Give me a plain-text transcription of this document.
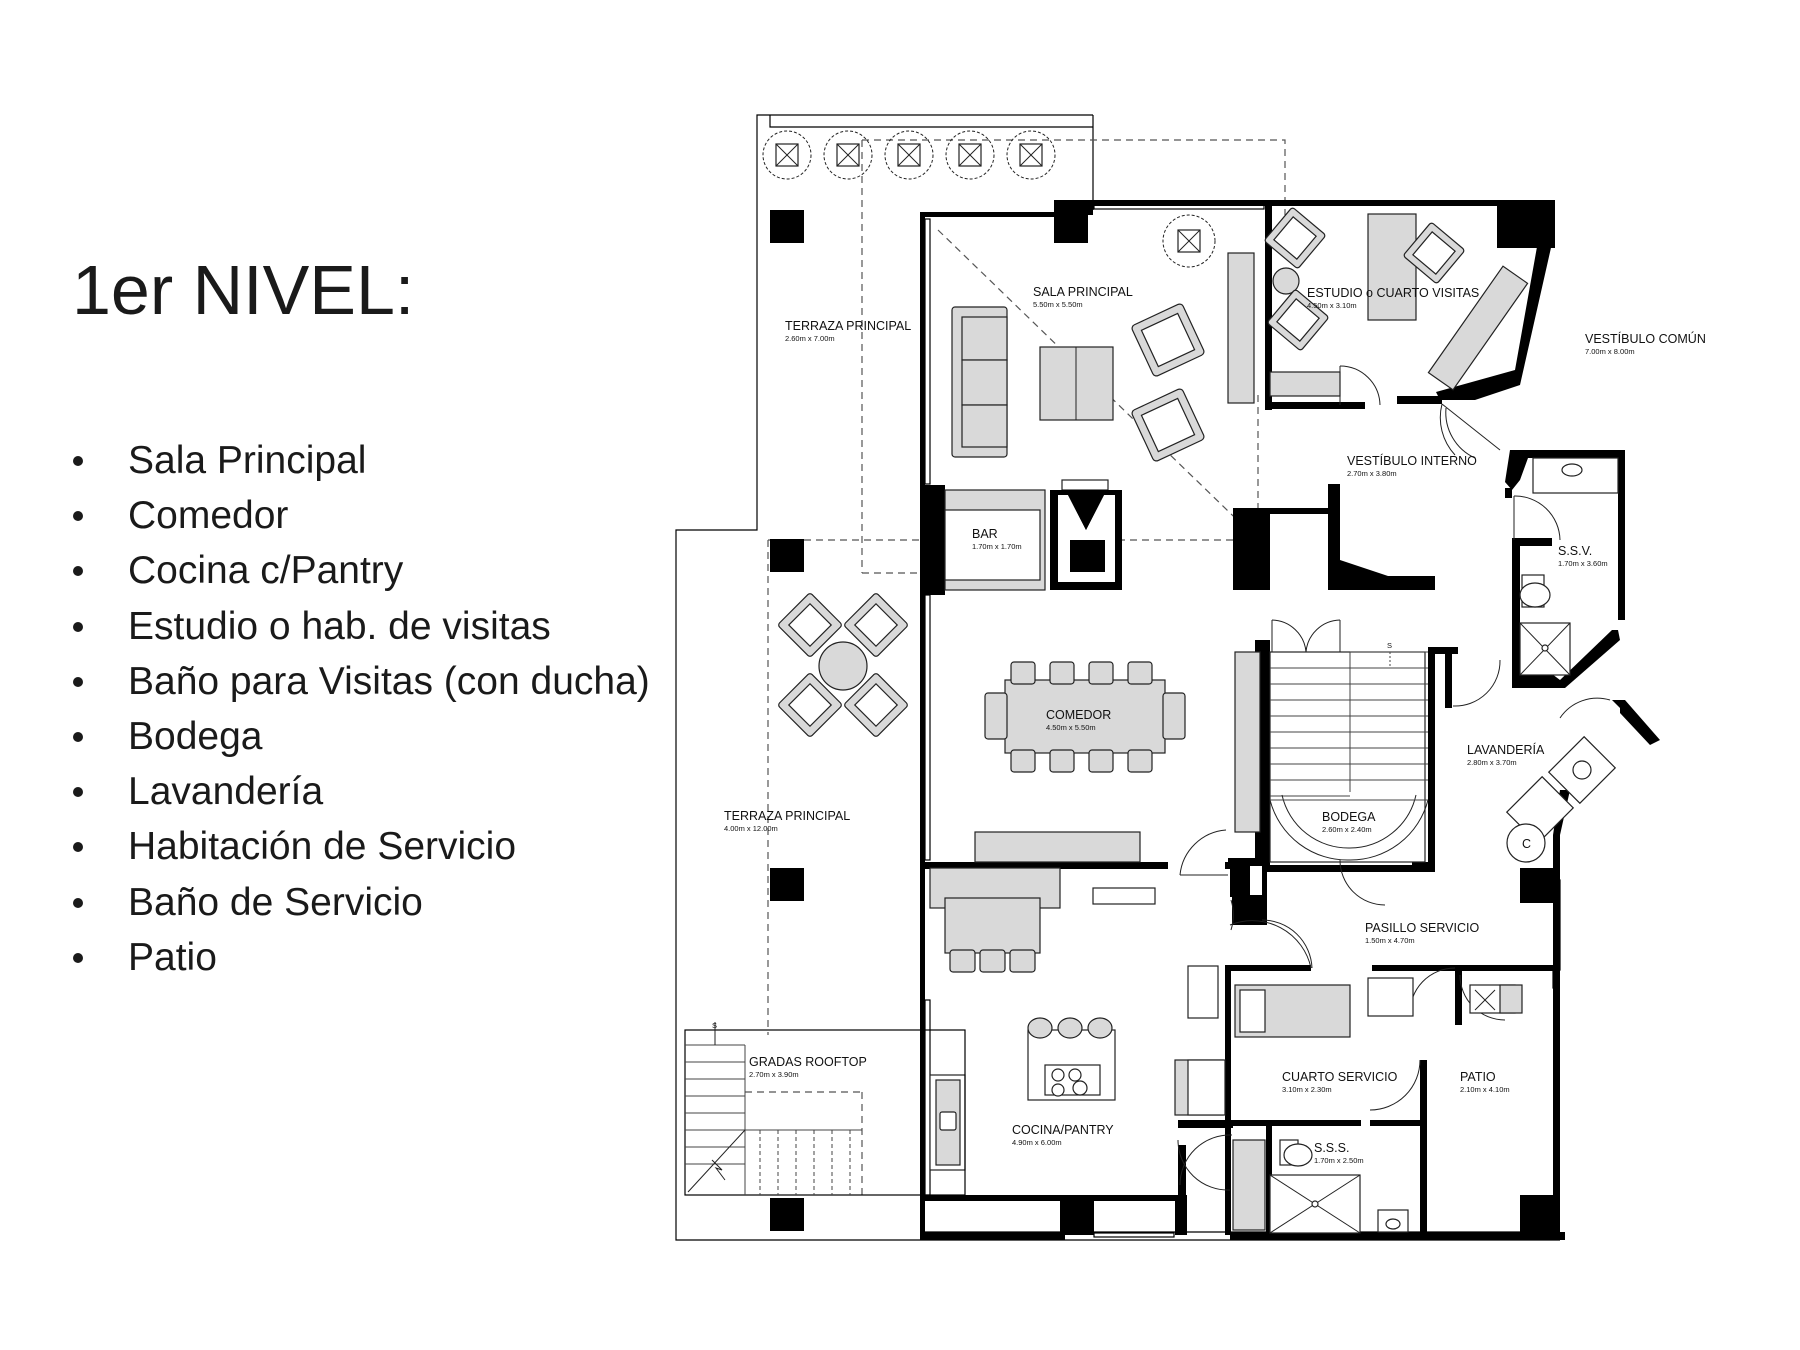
1er NIVEL:
Sala Principal
Comedor
Cocina c/Pantry
Estudio o hab. de visitas
Baño para Visitas (con ducha)
Bodega
Lavandería
Habitación de Servicio
Baño de Servicio
Patio
TERRAZA PRINCIPAL
2.60m x 7.00m
SALA PRINCIPAL
5.50m x 5.50m
ESTUDIO o CUARTO VISITAS
4.50m x 3.10m
VESTÍBULO COMÚN
7.00m x 8.00m
VESTÍBULO INTERNO
2.70m x 3.80m
BAR
1.70m x 1.70m	S.S.V.
1.70m x 3.60m
COMEDOR
4.50m x 5.50m
LAVANDERÍA
2.80m x 3.70m
TERRAZA PRINCIPAL
4.00m x 12.00m
BODEGA
2.60m x 2.40m
PASILLO SERVICIO
1.50m x 4.70m
GRADAS ROOFTOP
2.70m x 3.90m	CUARTO SERVICIO
3.10m x 2.30m
PATIO
2.10m x 4.10m
COCINA/PANTRY
4.90m x 6.00m	S.S.S.
1.70m x 2.50m
S
S
C
